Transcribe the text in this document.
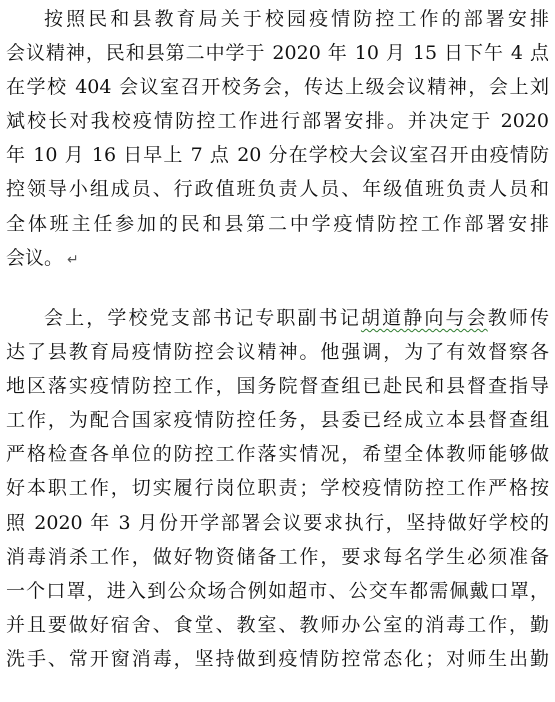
按照民和县教育局关于校园疫情防控工作的部署安排
会议精神，民和县第二中学于 2020 年 10 月 15 日下午 4 点
在学校 404 会议室召开校务会，传达上级会议精神，会上刘
斌校长对我校疫情防控工作进行部署安排。并决定于 2020
年 10 月 16 日早上 7 点 20 分在学校大会议室召开由疫情防
控领导小组成员、行政值班负责人员、年级值班负责人员和
全体班主任参加的民和县第二中学疫情防控工作部署安排
会议。 ↵
会上，学校党支部书记专职副书记胡道静向与会教师传
达了县教育局疫情防控会议精神。他强调，为了有效督察各
地区落实疫情防控工作，国务院督查组已赴民和县督查指导
工作，为配合国家疫情防控任务，县委已经成立本县督查组
严格检查各单位的防控工作落实情况，希望全体教师能够做
好本职工作，切实履行岗位职责；学校疫情防控工作严格按
照 2020 年 3 月份开学部署会议要求执行，坚持做好学校的
消毒消杀工作，做好物资储备工作，要求每名学生必须准备
一个口罩，进入到公众场合例如超市、公交车都需佩戴口罩，
并且要做好宿舍、食堂、教室、教师办公室的消毒工作，勤
洗手、常开窗消毒，坚持做到疫情防控常态化；对师生出勤
